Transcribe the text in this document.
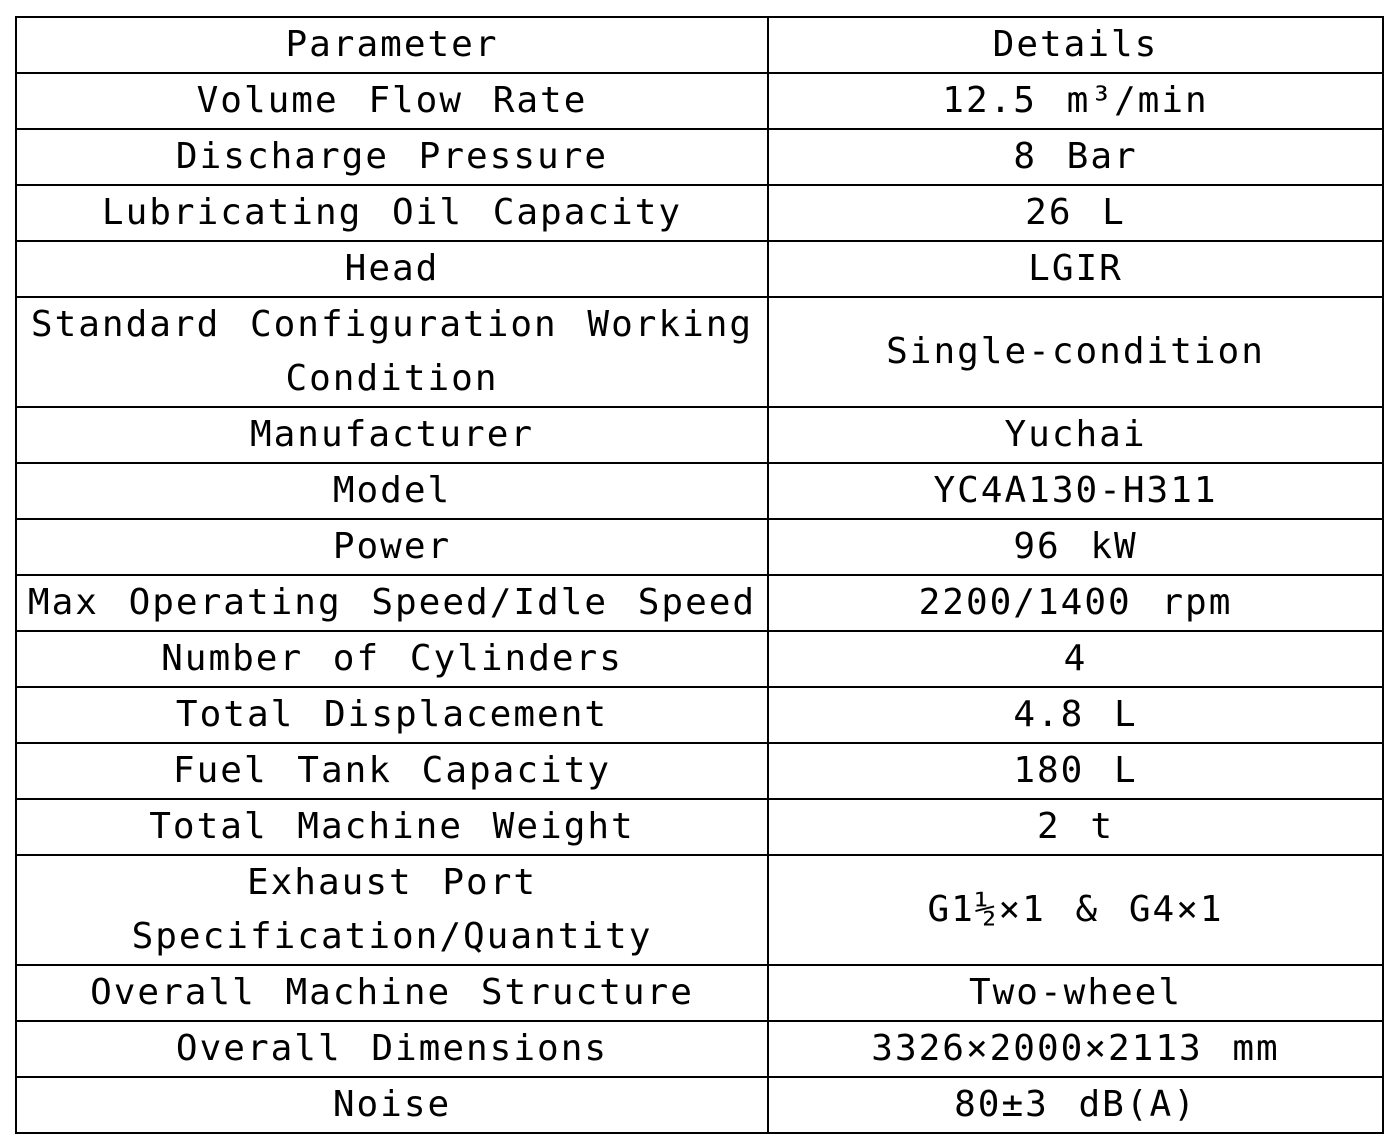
Parameter	Details
Volume Flow Rate	12.5 m³/min
Discharge Pressure	8 Bar
Lubricating Oil Capacity	26 L
Head	LGIR
Standard Configuration Working Condition	Single-condition
Manufacturer	Yuchai
Model	YC4A130-H311
Power	96 kW
Max Operating Speed/Idle Speed	2200/1400 rpm
Number of Cylinders	4
Total Displacement	4.8 L
Fuel Tank Capacity	180 L
Total Machine Weight	2 t
Exhaust Port Specification/Quantity	G1½×1 & G4×1
Overall Machine Structure	Two-wheel
Overall Dimensions	3326×2000×2113 mm
Noise	80±3 dB(A)
